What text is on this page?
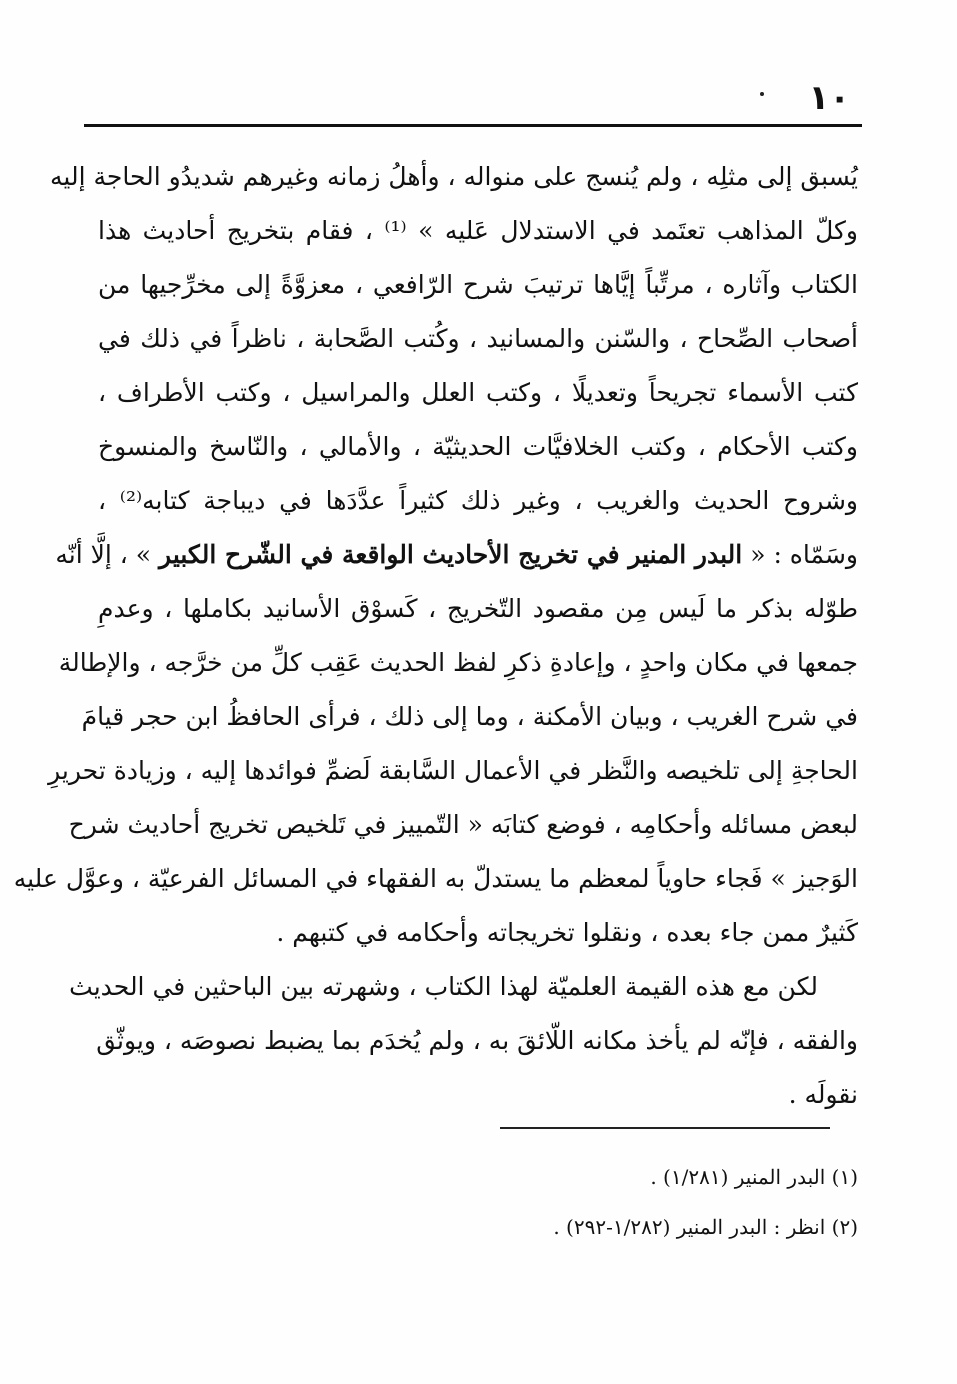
١٠
يُسبق إلى مثلِه ، ولم يُنسج على منواله ، وأهلُ زمانه وغيرهم شديدُو الحاجة إليه
وكلّ المذاهب تعتَمد في الاستدلال عَليه » ⁽¹⁾ ، فقام بتخريج أحاديث هذا
الكتاب وآثاره ، مرتِّباً إيَّاها ترتيبَ شرح الرّافعي ، معزوَّةً إلى مخرِّجيها من
أصحاب الصِّحاح ، والسّنن والمسانيد ، وكُتب الصَّحابة ، ناظراً في ذلك في
كتب الأسماء تجريحاً وتعديلًا ، وكتب العلل والمراسيل ، وكتب الأطراف ،
وكتب الأحكام ، وكتب الخلافيَّات الحديثيّة ، والأمالي ، والنّاسخ والمنسوخ
وشروح الحديث والغريب ، وغير ذلك كثيراً عدَّدَها في ديباجة كتابه⁽²⁾ ،
وسَمّاه : « البدر المنير في تخريج الأحاديث الواقعة في الشّرح الكبير » ، إلَّا أنّه
طوّله بذكر ما لَيس مِن مقصود التّخريج ، كَسوْق الأسانيد بكاملها ، وعدمِ
جمعها في مكان واحدٍ ، وإعادةِ ذكرِ لفظ الحديث عَقِب كلِّ من خرَّجه ، والإطالة
في شرح الغريب ، وبيان الأمكنة ، وما إلى ذلك ، فرأى الحافظُ ابن حجر قيامَ
الحاجةِ إلى تلخيصه والنَّظر في الأعمال السَّابقة لَضمِّ فوائدها إليه ، وزيادة تحريرِ
لبعض مسائله وأحكامِه ، فوضع كتابَه « التّمييز في تَلخيص تخريج أحاديث شرح
الوَجيز » فَجاء حاوياً لمعظم ما يستدلّ به الفقهاء في المسائل الفرعيّة ، وعوَّل عليه
كَثيرٌ ممن جاء بعده ، ونقلوا تخريجاته وأحكامه في كتبهم .
لكن مع هذه القيمة العلميّة لهذا الكتاب ، وشهرته بين الباحثين في الحديث
والفقه ، فإنّه لم يأخذ مكانه اللّائقَ به ، ولم يُخدَم بما يضبط نصوصَه ، ويوثّق
نقولَه .
(١) البدر المنير (١/٢٨١) .
(٢) انظر : البدر المنير (١/٢٨٢-٢٩٢) .
